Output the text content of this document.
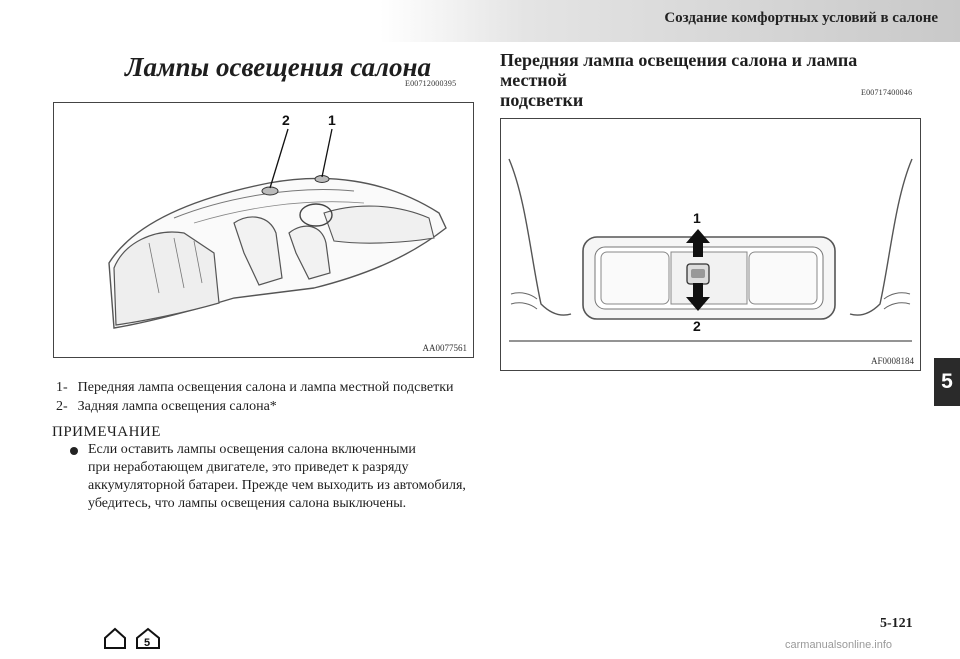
Создание комфортных условий в салоне
5
Лампы освещения салона
E00712000395
2	1
AA0077561
1- Передняя лампа освещения салона и лампа местной подсветки
2- Задняя лампа освещения салона*
ПРИМЕЧАНИЕ
Если оставить лампы освещения салона включенными
при неработающем двигателе, это приведет к разряду
аккумуляторной батареи. Прежде чем выходить из автомобиля,
убедитесь, что лампы освещения салона выключены.
Передняя лампа освещения салона и лампа местной
подсветки	E00717400046
1
2
AF0008184
5-121
5	carmanualsonline.info
